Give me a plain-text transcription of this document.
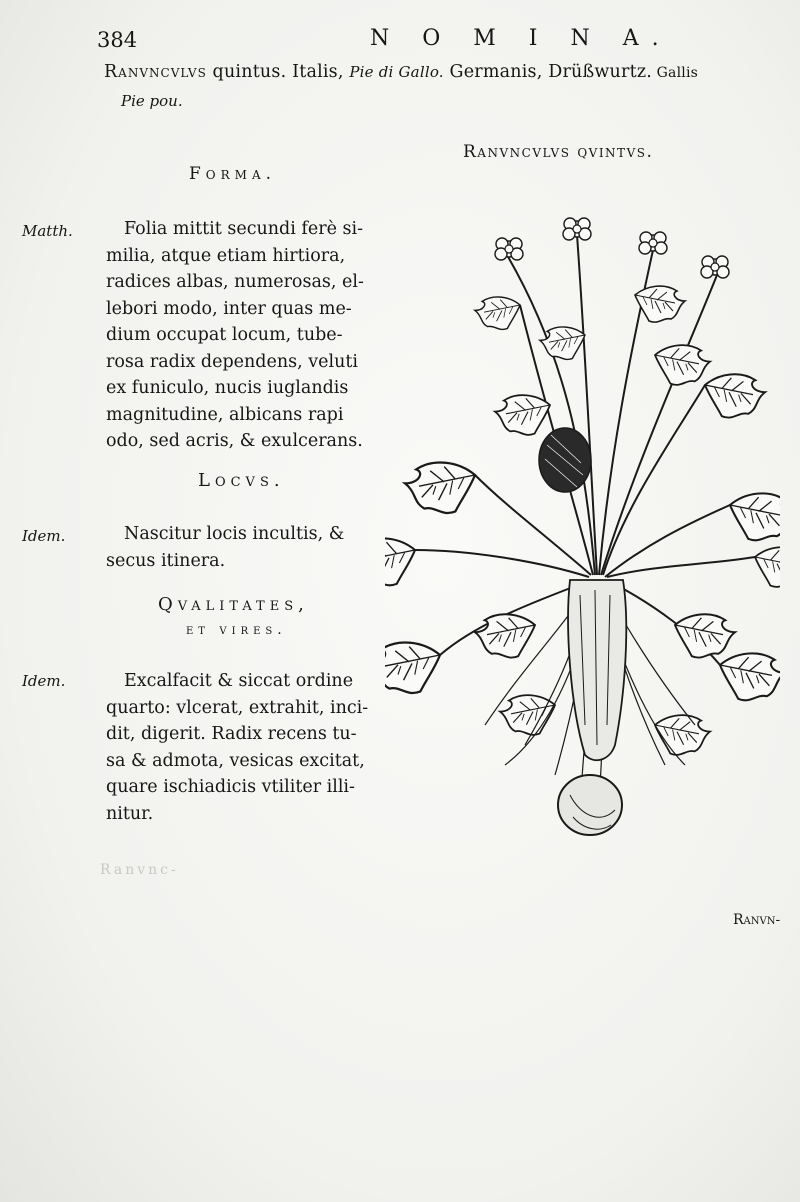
384	N O M I N A.
Ranvncvlvs quintus. Italis, Pie di Gallo. Germanis, Drüßwurtz. Gallis
Pie pou.
Ranvncvlvs qvintvs.
Forma.
Matth.	Folia mittit secundi ferè si-
milia, atque etiam hirtiora,
radices albas, numerosas, el-
lebori modo, inter quas me-
dium occupat locum, tube-
rosa radix dependens, veluti
ex funiculo, nucis iuglandis
magnitudine, albicans rapi
odo, sed acris, & exulcerans.
Locvs.
Idem.	Nascitur locis incultis, &
secus itinera.
Qvalitates,
et vires.
Idem.	Excalfacit & siccat ordine
quarto: vlcerat, extrahit, inci-
dit, digerit. Radix recens tu-
sa & admota, vesicas excitat,
quare ischiadicis vtiliter illi-
nitur.
Ranvnc-
Ranvn-
